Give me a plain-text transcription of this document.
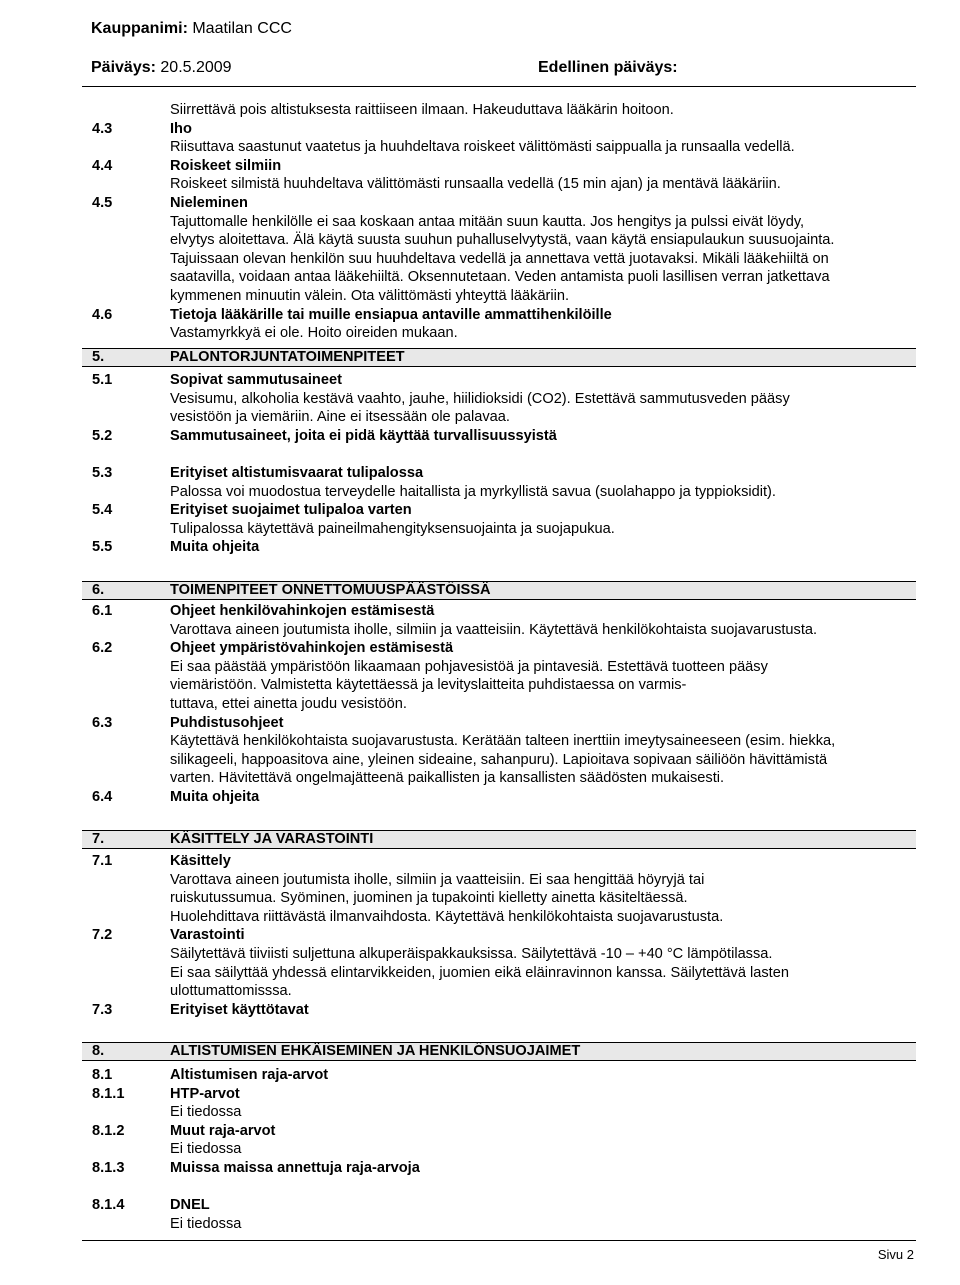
Kauppanimi: Maatilan CCC
Päiväys: 20.5.2009	Edellinen päiväys:
Siirrettävä pois altistuksesta raittiiseen ilmaan. Hakeuduttava lääkärin hoitoon.
4.3	Iho
Riisuttava saastunut vaatetus ja huuhdeltava roiskeet välittömästi saippualla ja runsaalla vedellä.
4.4	Roiskeet silmiin
Roiskeet silmistä huuhdeltava välittömästi runsaalla vedellä (15 min ajan) ja mentävä lääkäriin.
4.5	Nieleminen
Tajuttomalle henkilölle ei saa koskaan antaa mitään suun kautta. Jos hengitys ja pulssi eivät löydy,
elvytys aloitettava. Älä käytä suusta suuhun puhalluselvytystä, vaan käytä ensiapulaukun suusuojainta.
Tajuissaan olevan henkilön suu huuhdeltava vedellä ja annettava vettä juotavaksi. Mikäli lääkehiiltä on
saatavilla, voidaan antaa lääkehiiltä. Oksennutetaan. Veden antamista puoli lasillisen verran jatkettava
kymmenen minuutin välein. Ota välittömästi yhteyttä lääkäriin.
4.6	Tietoja lääkärille tai muille ensiapua antaville ammattihenkilöille
Vastamyrkkyä ei ole. Hoito oireiden mukaan.
5.	PALONTORJUNTATOIMENPITEET
5.1	Sopivat sammutusaineet
Vesisumu, alkoholia kestävä vaahto, jauhe, hiilidioksidi (CO2). Estettävä sammutusveden pääsy
vesistöön ja viemäriin. Aine ei itsessään ole palavaa.
5.2	Sammutusaineet, joita ei pidä käyttää turvallisuussyistä
5.3	Erityiset altistumisvaarat tulipalossa
Palossa voi muodostua terveydelle haitallista ja myrkyllistä savua (suolahappo ja typpioksidit).
5.4	Erityiset suojaimet tulipaloa varten
Tulipalossa käytettävä paineilmahengityksensuojainta ja suojapukua.
5.5	Muita ohjeita
6.	TOIMENPITEET ONNETTOMUUSPÄÄSTÖISSÄ
6.1	Ohjeet henkilövahinkojen estämisestä
Varottava aineen joutumista iholle, silmiin ja vaatteisiin. Käytettävä henkilökohtaista suojavarustusta.
6.2	Ohjeet ympäristövahinkojen estämisestä
Ei saa päästää ympäristöön likaamaan pohjavesistöä ja pintavesiä. Estettävä tuotteen pääsy
viemäristöön. Valmistetta käytettäessä ja levityslaitteita puhdistaessa on varmis-
tuttava, ettei ainetta joudu vesistöön.
6.3	Puhdistusohjeet
Käytettävä henkilökohtaista suojavarustusta. Kerätään talteen inerttiin imeytysaineeseen (esim. hiekka,
silikageeli, happoasitova aine, yleinen sideaine, sahanpuru). Lapioitava sopivaan säiliöön hävittämistä
varten. Hävitettävä ongelmajätteenä paikallisten ja kansallisten säädösten mukaisesti.
6.4	Muita ohjeita
7.	KÄSITTELY JA VARASTOINTI
7.1	Käsittely
Varottava aineen joutumista iholle, silmiin ja vaatteisiin. Ei saa hengittää höyryjä tai
ruiskutussumua. Syöminen, juominen ja tupakointi kielletty ainetta käsiteltäessä.
Huolehdittava riittävästä ilmanvaihdosta. Käytettävä henkilökohtaista suojavarustusta.
7.2	Varastointi
Säilytettävä tiiviisti suljettuna alkuperäispakkauksissa. Säilytettävä -10 – +40 °C lämpötilassa.
Ei saa säilyttää yhdessä elintarvikkeiden, juomien eikä eläinravinnon kanssa. Säilytettävä lasten
ulottumattomisssa.
7.3	Erityiset käyttötavat
8.	ALTISTUMISEN EHKÄISEMINEN JA HENKILÖNSUOJAIMET
8.1	Altistumisen raja-arvot
8.1.1	HTP-arvot
Ei tiedossa
8.1.2	Muut raja-arvot
Ei tiedossa
8.1.3	Muissa maissa annettuja raja-arvoja
8.1.4	DNEL
Ei tiedossa
Sivu 2
